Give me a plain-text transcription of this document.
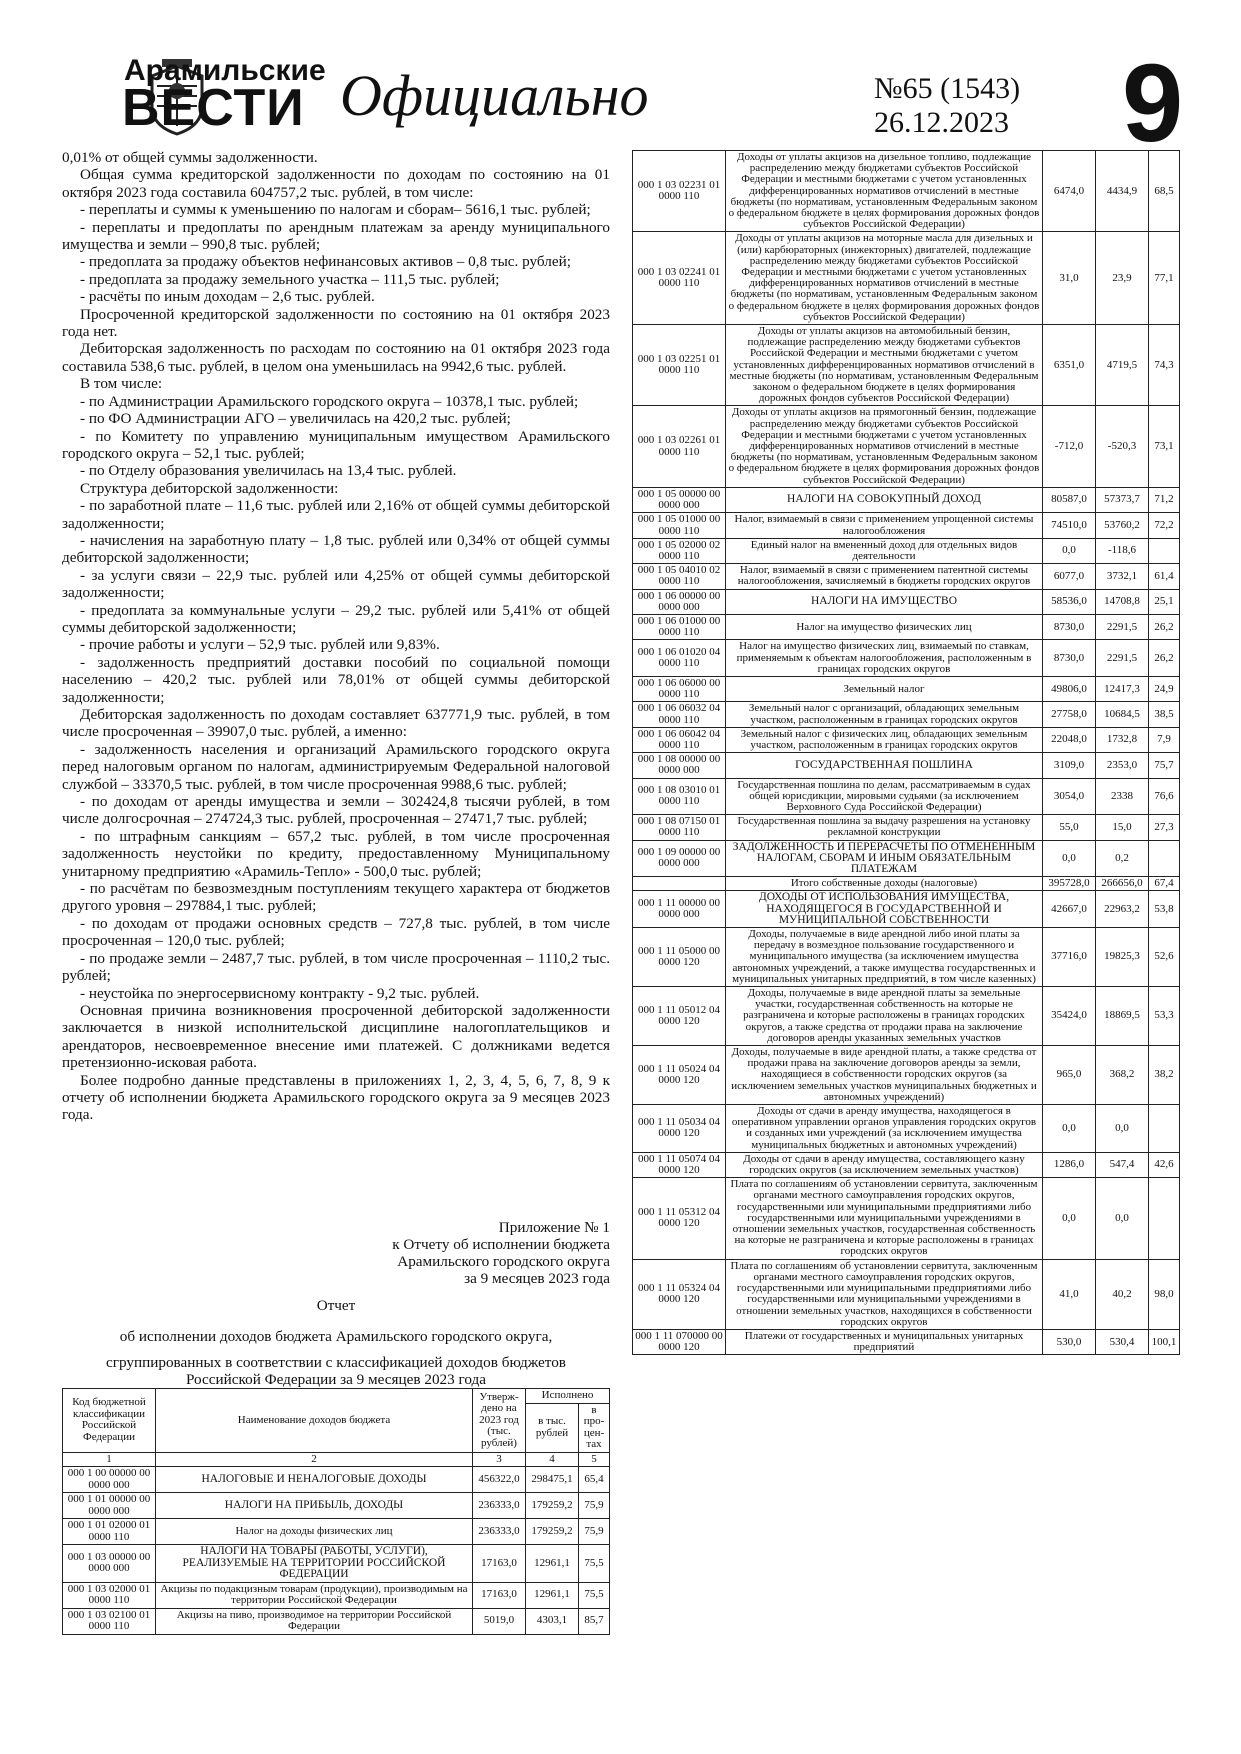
Арамильские
ВЕСТИ Официально	№65 (1543)
26.12.2023 9

0,01% от общей суммы задолженности.

Общая сумма кредиторской задолженности по доходам по состоянию на 01 октября 2023 года составила 604757,2 тыс. рублей, в том числе:

- переплаты и суммы к уменьшению по налогам и сборам– 5616,1 тыс. рублей;

- переплаты и предоплаты по арендным платежам за аренду муниципального имущества и земли – 990,8 тыс. рублей;

- предоплата за продажу объектов нефинансовых активов – 0,8 тыс. рублей;

- предоплата за продажу земельного участка – 111,5 тыс. рублей;

- расчёты по иным доходам – 2,6 тыс. рублей.

Просроченной кредиторской задолженности по состоянию на 01 октября 2023 года нет.

Дебиторская задолженность по расходам по состоянию на 01 октября 2023 года составила 538,6 тыс. рублей, в целом она уменьшилась на 9942,6 тыс. рублей.

В том числе:

- по Администрации Арамильского городского округа – 10378,1 тыс. рублей;

- по ФО Администрации АГО – увеличилась на 420,2 тыс. рублей;

- по Комитету по управлению муниципальным имуществом Арамильского городского округа – 52,1 тыс. рублей;

- по Отделу образования увеличилась на 13,4 тыс. рублей.

Структура дебиторской задолженности:

- по заработной плате – 11,6 тыс. рублей или 2,16% от общей суммы дебиторской задолженности;

- начисления на заработную плату – 1,8 тыс. рублей или 0,34% от общей суммы дебиторской задолженности;

- за услуги связи – 22,9 тыс. рублей или 4,25% от общей суммы дебиторской задолженности;

- предоплата за коммунальные услуги – 29,2 тыс. рублей или 5,41% от общей суммы дебиторской задолженности;

- прочие работы и услуги – 52,9 тыс. рублей или 9,83%.

- задолженность предприятий доставки пособий по социальной помощи населению – 420,2 тыс. рублей или 78,01% от общей суммы дебиторской задолженности;

Дебиторская задолженность по доходам составляет 637771,9 тыс. рублей, в том числе просроченная – 39907,0 тыс. рублей, а именно:

- задолженность населения и организаций Арамильского городского округа перед налоговым органом по налогам, администрируемым Федеральной налоговой службой – 33370,5 тыс. рублей, в том числе просроченная 9988,6 тыс. рублей;

- по доходам от аренды имущества и земли – 302424,8 тысячи рублей, в том числе долгосрочная – 274724,3 тыс. рублей, просроченная – 27471,7 тыс. рублей;

- по штрафным санкциям – 657,2 тыс. рублей, в том числе просроченная задолженность неустойки по кредиту, предоставленному Муниципальному унитарному предприятию «Арамиль-Тепло» - 500,0 тыс. рублей;

- по расчётам по безвозмездным поступлениям текущего характера от бюджетов другого уровня – 297884,1 тыс. рублей;

- по доходам от продажи основных средств – 727,8 тыс. рублей, в том числе просроченная – 120,0 тыс. рублей;

- по продаже земли – 2487,7 тыс. рублей, в том числе просроченная – 1110,2 тыс. рублей;

- неустойка по энергосервисному контракту - 9,2 тыс. рублей.

Основная причина возникновения просроченной дебиторской задолженности заключается в низкой исполнительской дисциплине налогоплательщиков и арендаторов, несвоевременное внесение ими платежей. С должниками ведется претензионно-исковая работа.

Более подробно данные представлены в приложениях 1, 2, 3, 4, 5, 6, 7, 8, 9 к отчету об исполнении бюджета Арамильского городского округа за 9 месяцев 2023 года.

Приложение № 1
к Отчету об исполнении бюджета
Арамильского городского округа
за 9 месяцев 2023 года
Отчет
об исполнении доходов бюджета Арамильского городского округа,
сгруппированных в соответствии с классификацией доходов бюджетов Российской Федерации за 9 месяцев 2023 года
Код бюджетной классификации Российской Федерации	Наименование доходов бюджета	Утверж-дено на 2023 год (тыс. рублей)	Исполнено	
			в тыс. рублей	в про-цен-тах
1	2	3	4	5
000 1 00 00000 00 0000 000	НАЛОГОВЫЕ И НЕНАЛОГОВЫЕ ДОХОДЫ	456322,0	298475,1	65,4
000 1 01 00000 00 0000 000	НАЛОГИ НА ПРИБЫЛЬ, ДОХОДЫ	236333,0	179259,2	75,9
000 1 01 02000 01 0000 110	Налог на доходы физических лиц	236333,0	179259,2	75,9
000 1 03 00000 00 0000 000	НАЛОГИ НА ТОВАРЫ (РАБОТЫ, УСЛУГИ), РЕАЛИЗУЕМЫЕ НА ТЕРРИТОРИИ РОССИЙСКОЙ ФЕДЕРАЦИИ	17163,0	12961,1	75,5
000 1 03 02000 01 0000 110	Акцизы по подакцизным товарам (продукции), производимым на территории Российской Федерации	17163,0	12961,1	75,5
000 1 03 02100 01 0000 110	Акцизы на пиво, производимое на территории Российской Федерации	5019,0	4303,1	85,7
000 1 03 02231 01 0000 110	Доходы от уплаты акцизов на дизельное топливо, подлежащие распределению между бюджетами субъектов Российской Федерации и местными бюджетами с учетом установленных дифференцированных нормативов отчислений в местные бюджеты (по нормативам, установленным Федеральным законом о федеральном бюджете в целях формирования дорожных фондов субъектов Российской Федерации)	6474,0	4434,9	68,5
000 1 03 02241 01 0000 110	Доходы от уплаты акцизов на моторные масла для дизельных и (или) карбюраторных (инжекторных) двигателей, подлежащие распределению между бюджетами субъектов Российской Федерации и местными бюджетами с учетом установленных дифференцированных нормативов отчислений в местные бюджеты (по нормативам, установленным Федеральным законом о федеральном бюджете в целях формирования дорожных фондов субъектов Российской Федерации)	31,0	23,9	77,1
000 1 03 02251 01 0000 110	Доходы от уплаты акцизов на автомобильный бензин, подлежащие распределению между бюджетами субъектов Российской Федерации и местными бюджетами с учетом установленных дифференцированных нормативов отчислений в местные бюджеты (по нормативам, установленным Федеральным законом о федеральном бюджете в целях формирования дорожных фондов субъектов Российской Федерации)	6351,0	4719,5	74,3
000 1 03 02261 01 0000 110	Доходы от уплаты акцизов на прямогонный бензин, подлежащие распределению между бюджетами субъектов Российской Федерации и местными бюджетами с учетом установленных дифференцированных нормативов отчислений в местные бюджеты (по нормативам, установленным Федеральным законом о федеральном бюджете в целях формирования дорожных фондов субъектов Российской Федерации)	-712,0	-520,3	73,1
000 1 05 00000 00 0000 000	НАЛОГИ НА СОВОКУПНЫЙ ДОХОД	80587,0	57373,7	71,2
000 1 05 01000 00 0000 110	Налог, взимаемый в связи с применением упрощенной системы налогообложения	74510,0	53760,2	72,2
000 1 05 02000 02 0000 110	Единый налог на вмененный доход для отдельных видов деятельности	0,0	-118,6	
000 1 05 04010 02 0000 110	Налог, взимаемый в связи с применением патентной системы налогообложения, зачисляемый в бюджеты городских округов	6077,0	3732,1	61,4
000 1 06 00000 00 0000 000	НАЛОГИ НА ИМУЩЕСТВО	58536,0	14708,8	25,1
000 1 06 01000 00 0000 110	Налог на имущество физических лиц	8730,0	2291,5	26,2
000 1 06 01020 04 0000 110	Налог на имущество физических лиц, взимаемый по ставкам, применяемым к объектам налогообложения, расположенным в границах городских округов	8730,0	2291,5	26,2
000 1 06 06000 00 0000 110	Земельный налог	49806,0	12417,3	24,9
000 1 06 06032 04 0000 110	Земельный налог с организаций, обладающих земельным участком, расположенным в границах городских округов	27758,0	10684,5	38,5
000 1 06 06042 04 0000 110	Земельный налог с физических лиц, обладающих земельным участком, расположенным в границах городских округов	22048,0	1732,8	7,9
000 1 08 00000 00 0000 000	ГОСУДАРСТВЕННАЯ ПОШЛИНА	3109,0	2353,0	75,7
000 1 08 03010 01 0000 110	Государственная пошлина по делам, рассматриваемым в судах общей юрисдикции, мировыми судьями (за исключением Верховного Суда Российской Федерации)	3054,0	2338	76,6
000 1 08 07150 01 0000 110	Государственная пошлина за выдачу разрешения на установку рекламной конструкции	55,0	15,0	27,3
000 1 09 00000 00 0000 000	ЗАДОЛЖЕННОСТЬ И ПЕРЕРАСЧЕТЫ ПО ОТМЕНЕННЫМ НАЛОГАМ, СБОРАМ И ИНЫМ ОБЯЗАТЕЛЬНЫМ ПЛАТЕЖАМ	0,0	0,2	
	Итого собственные доходы (налоговые)	395728,0	266656,0	67,4
000 1 11 00000 00 0000 000	ДОХОДЫ ОТ ИСПОЛЬЗОВАНИЯ ИМУЩЕСТВА, НАХОДЯЩЕГОСЯ В ГОСУДАРСТВЕННОЙ И МУНИЦИПАЛЬНОЙ СОБСТВЕННОСТИ	42667,0	22963,2	53,8
000 1 11 05000 00 0000 120	Доходы, получаемые в виде арендной либо иной платы за передачу в возмездное пользование государственного и муниципального имущества (за исключением имущества автономных учреждений, а также имущества государственных и муниципальных унитарных предприятий, в том числе казенных)	37716,0	19825,3	52,6
000 1 11 05012 04 0000 120	Доходы, получаемые в виде арендной платы за земельные участки, государственная собственность на которые не разграничена и которые расположены в границах городских округов, а также средства от продажи права на заключение договоров аренды указанных земельных участков	35424,0	18869,5	53,3
000 1 11 05024 04 0000 120	Доходы, получаемые в виде арендной платы, а также средства от продажи права на заключение договоров аренды за земли, находящиеся в собственности городских округов (за исключением земельных участков муниципальных бюджетных и автономных учреждений)	965,0	368,2	38,2
000 1 11 05034 04 0000 120	Доходы от сдачи в аренду имущества, находящегося в оперативном управлении органов управления городских округов и созданных ими учреждений (за исключением имущества муниципальных бюджетных и автономных учреждений)	0,0	0,0	
000 1 11 05074 04 0000 120	Доходы от сдачи в аренду имущества, составляющего казну городских округов (за исключением земельных участков)	1286,0	547,4	42,6
000 1 11 05312 04 0000 120	Плата по соглашениям об установлении сервитута, заключенным органами местного самоуправления городских округов, государственными или муниципальными предприятиями либо государственными или муниципальными учреждениями в отношении земельных участков, государственная собственность на которые не разграничена и которые расположены в границах городских округов	0,0	0,0	
000 1 11 05324 04 0000 120	Плата по соглашениям об установлении сервитута, заключенным органами местного самоуправления городских округов, государственными или муниципальными предприятиями либо государственными или муниципальными учреждениями в отношении земельных участков, находящихся в собственности городских округов	41,0	40,2	98,0
000 1 11 070000 00 0000 120	Платежи от государственных и муниципальных унитарных предприятий	530,0	530,4	100,1
